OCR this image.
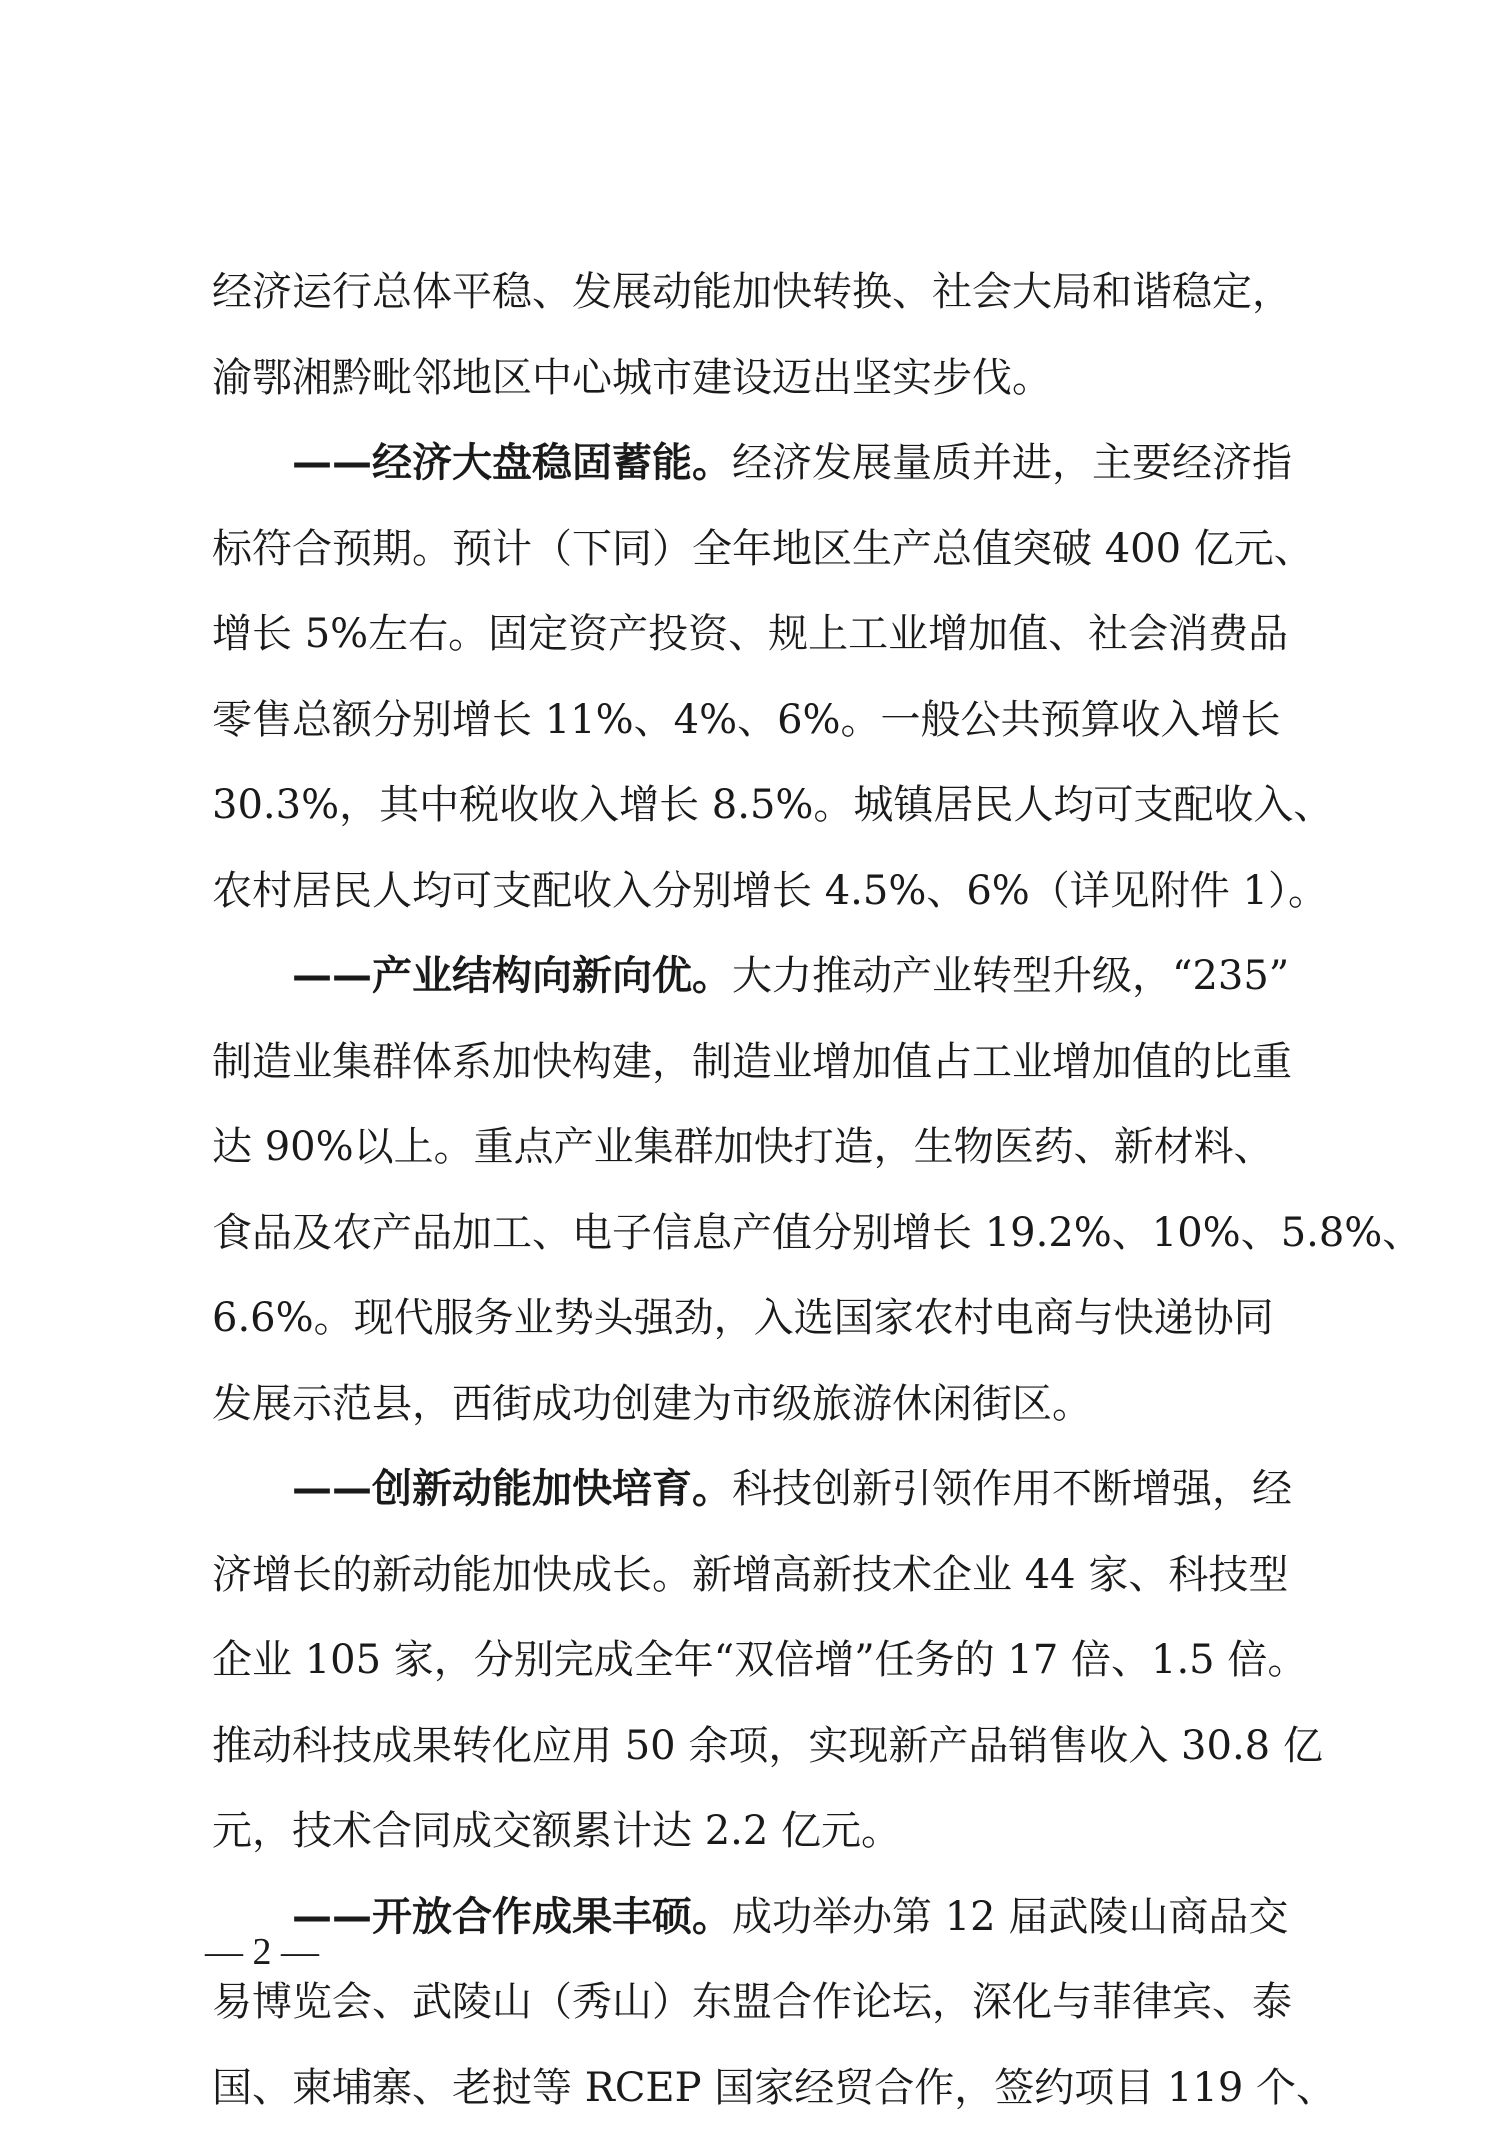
经济运行总体平稳、发展动能加快转换、社会大局和谐稳定，
渝鄂湘黔毗邻地区中心城市建设迈出坚实步伐。
——经济大盘稳固蓄能。经济发展量质并进，主要经济指
标符合预期。预计（下同）全年地区生产总值突破 400 亿元、
增长 5%左右。固定资产投资、规上工业增加值、社会消费品
零售总额分别增长 11%、4%、6%。一般公共预算收入增长
30.3%，其中税收收入增长 8.5%。城镇居民人均可支配收入、
农村居民人均可支配收入分别增长 4.5%、6%（详见附件 1）。
——产业结构向新向优。大力推动产业转型升级，“235”
制造业集群体系加快构建，制造业增加值占工业增加值的比重
达 90%以上。重点产业集群加快打造，生物医药、新材料、
食品及农产品加工、电子信息产值分别增长 19.2%、10%、5.8%、
6.6%。现代服务业势头强劲，入选国家农村电商与快递协同
发展示范县，西街成功创建为市级旅游休闲街区。
——创新动能加快培育。科技创新引领作用不断增强，经
济增长的新动能加快成长。新增高新技术企业 44 家、科技型
企业 105 家，分别完成全年“双倍增”任务的 17 倍、1.5 倍。
推动科技成果转化应用 50 余项，实现新产品销售收入 30.8 亿
元，技术合同成交额累计达 2.2 亿元。
——开放合作成果丰硕。成功举办第 12 届武陵山商品交
易博览会、武陵山（秀山）东盟合作论坛，深化与菲律宾、泰
国、柬埔寨、老挝等 RCEP 国家经贸合作，签约项目 119 个、
— 2 —
